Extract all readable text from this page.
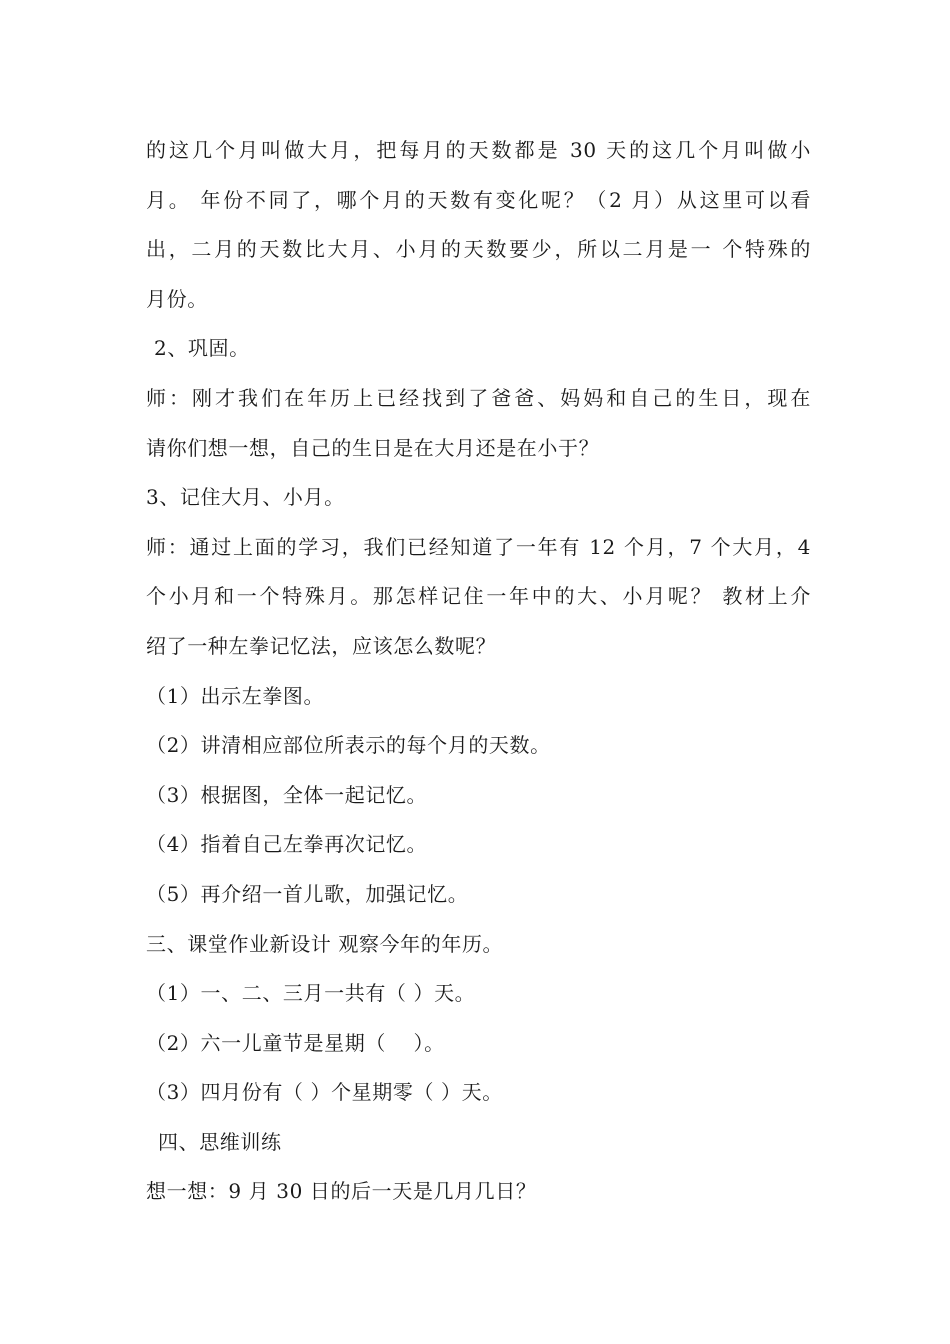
的这几个月叫做大月，把每月的天数都是 30 天的这几个月叫做小
月。 年份不同了，哪个月的天数有变化呢？（2 月）从这里可以看
出，二月的天数比大月、小月的天数要少，所以二月是一 个特殊的
月份。
2、巩固。
师：刚才我们在年历上已经找到了爸爸、妈妈和自己的生日，现在
请你们想一想，自己的生日是在大月还是在小于？
3、记住大月、小月。
师：通过上面的学习，我们已经知道了一年有 12 个月，7 个大月，4
个小月和一个特殊月。那怎样记住一年中的大、小月呢？ 教材上介
绍了一种左拳记忆法，应该怎么数呢？
（1）出示左拳图。
（2）讲清相应部位所表示的每个月的天数。
（3）根据图，全体一起记忆。
（4）指着自己左拳再次记忆。
（5）再介绍一首儿歌，加强记忆。
三、课堂作业新设计 观察今年的年历。
（1）一、二、三月一共有（ ）天。
（2）六一儿童节是星期（　 ）。
（3）四月份有（ ）个星期零（ ）天。
四、思维训练
想一想：9 月 30 日的后一天是几月几日？
